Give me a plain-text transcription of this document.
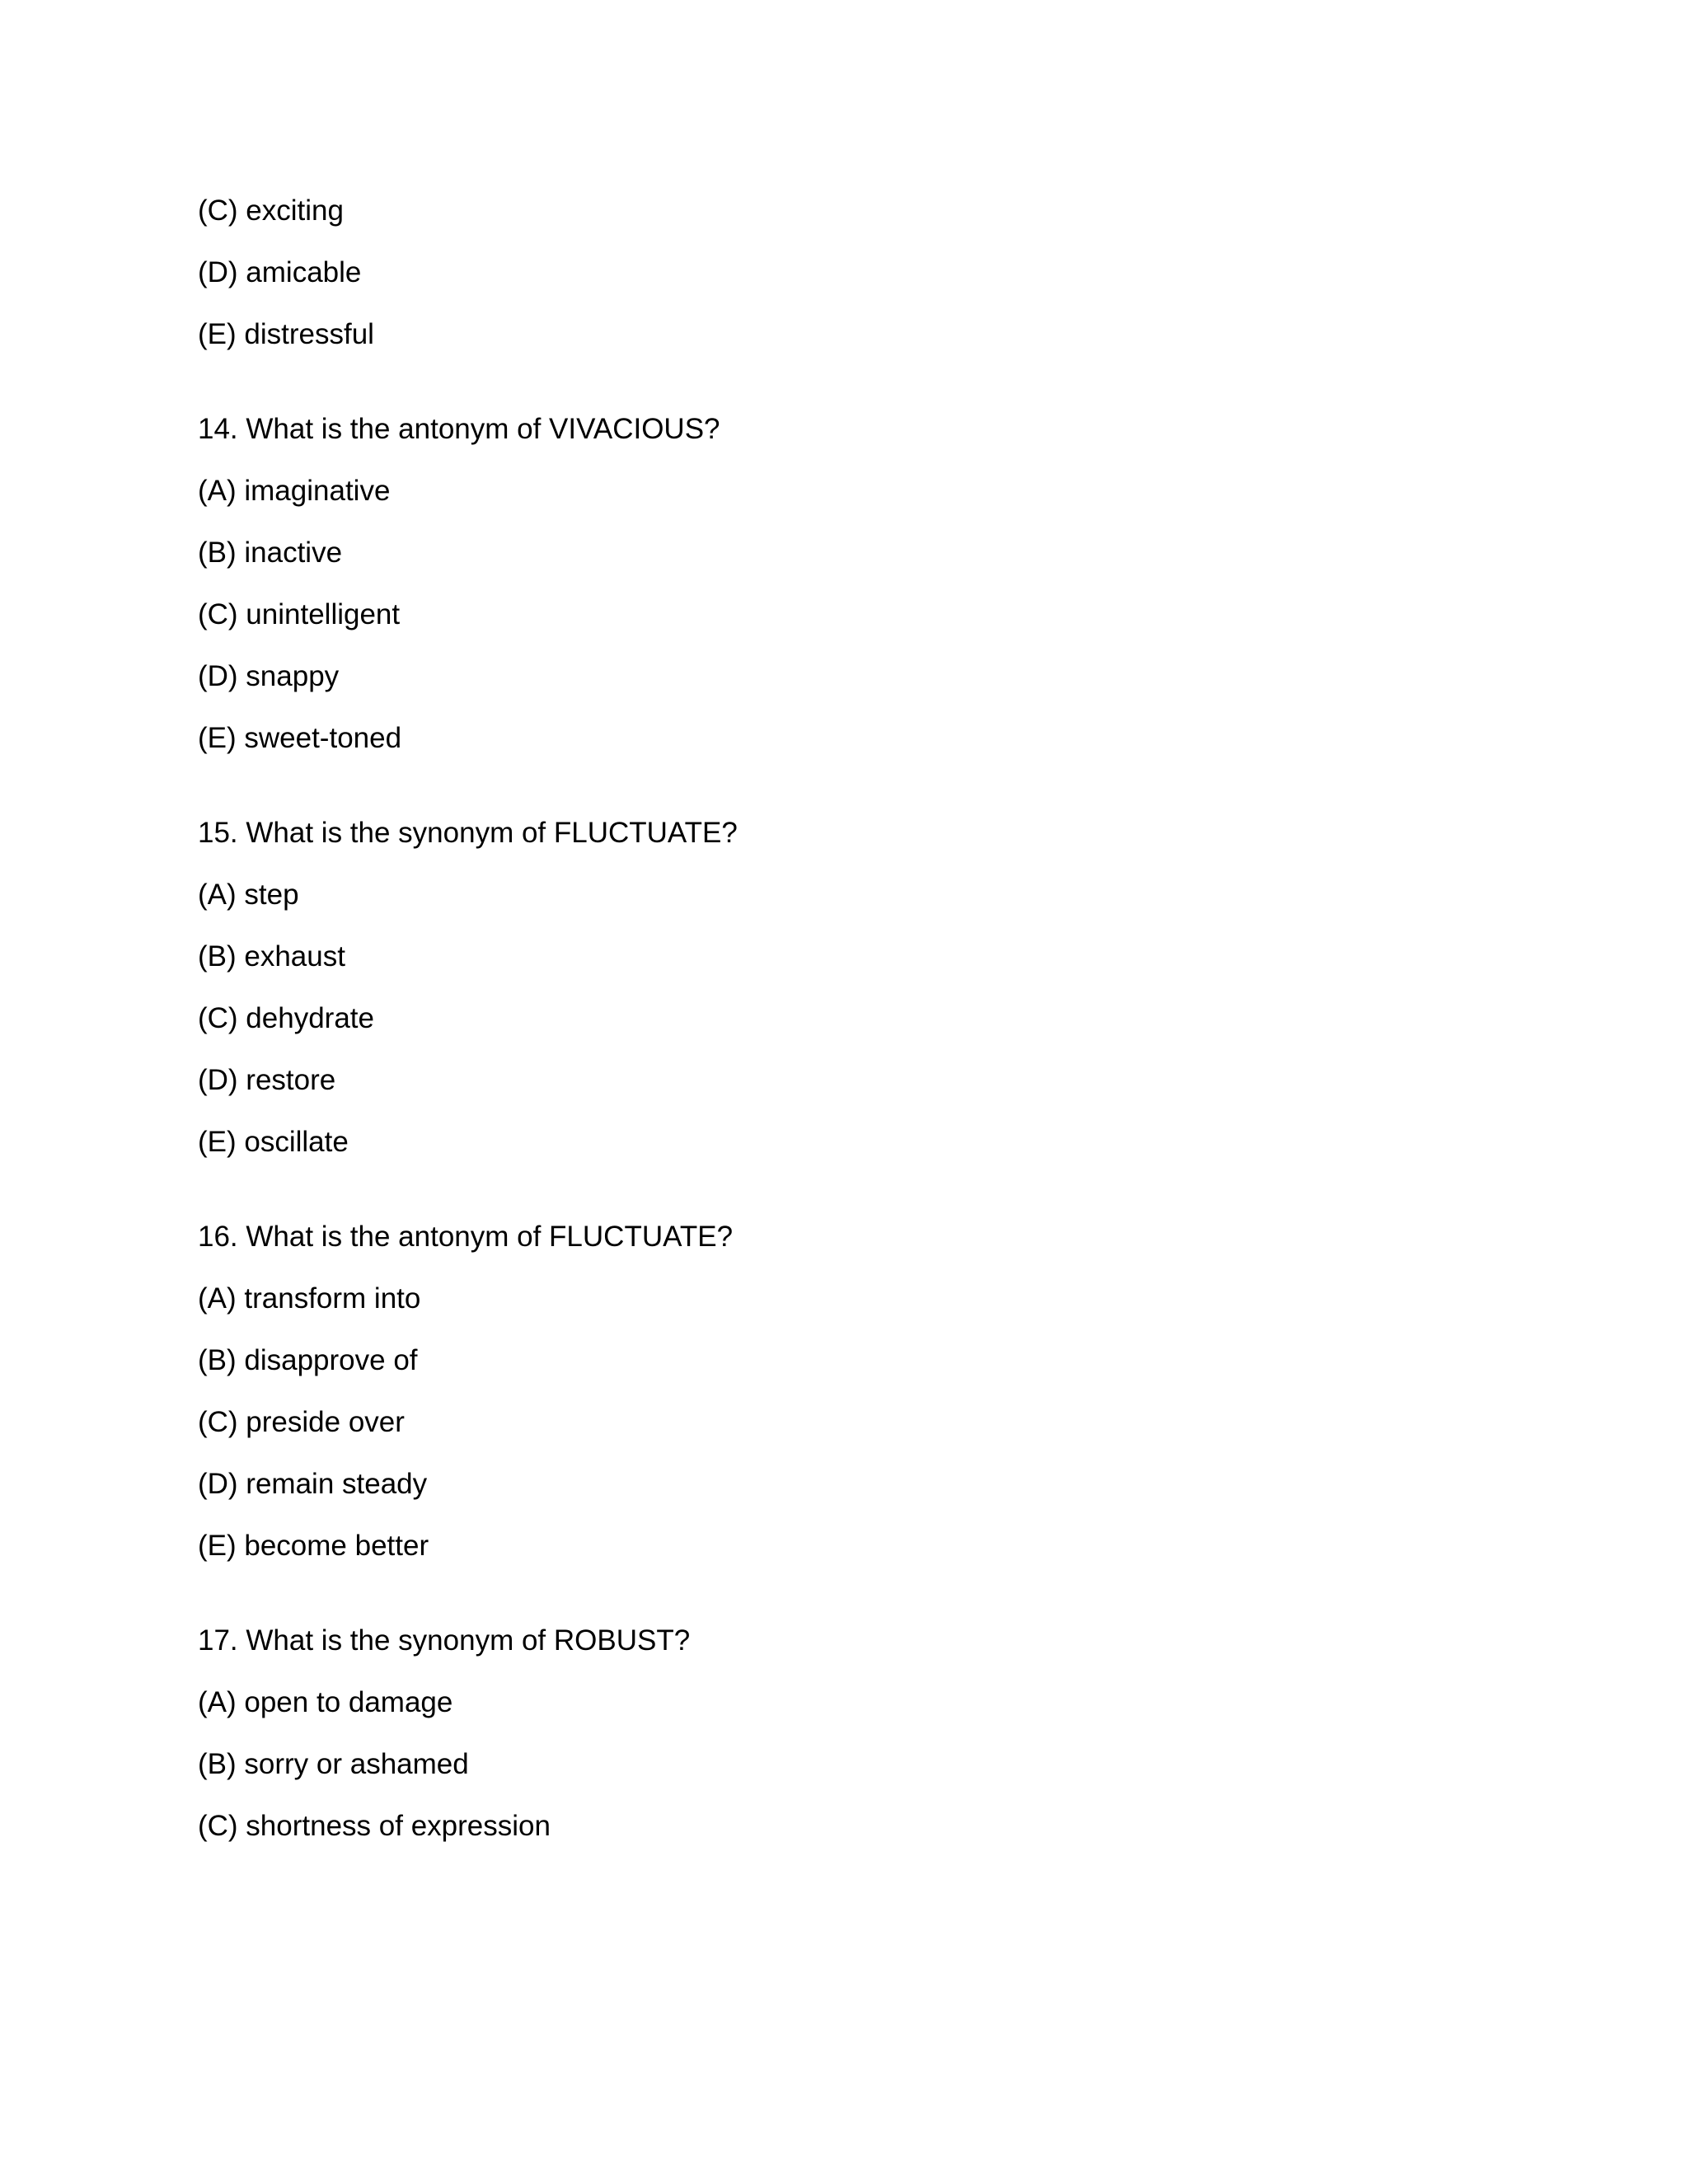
(C) exciting
(D) amicable
(E) distressful
14. What is the antonym of VIVACIOUS?
(A) imaginative
(B) inactive
(C) unintelligent
(D) snappy
(E) sweet-toned
15. What is the synonym of FLUCTUATE?
(A) step
(B) exhaust
(C) dehydrate
(D) restore
(E) oscillate
16. What is the antonym of FLUCTUATE?
(A) transform into
(B) disapprove of
(C) preside over
(D) remain steady
(E) become better
17. What is the synonym of ROBUST?
(A) open to damage
(B) sorry or ashamed
(C) shortness of expression
